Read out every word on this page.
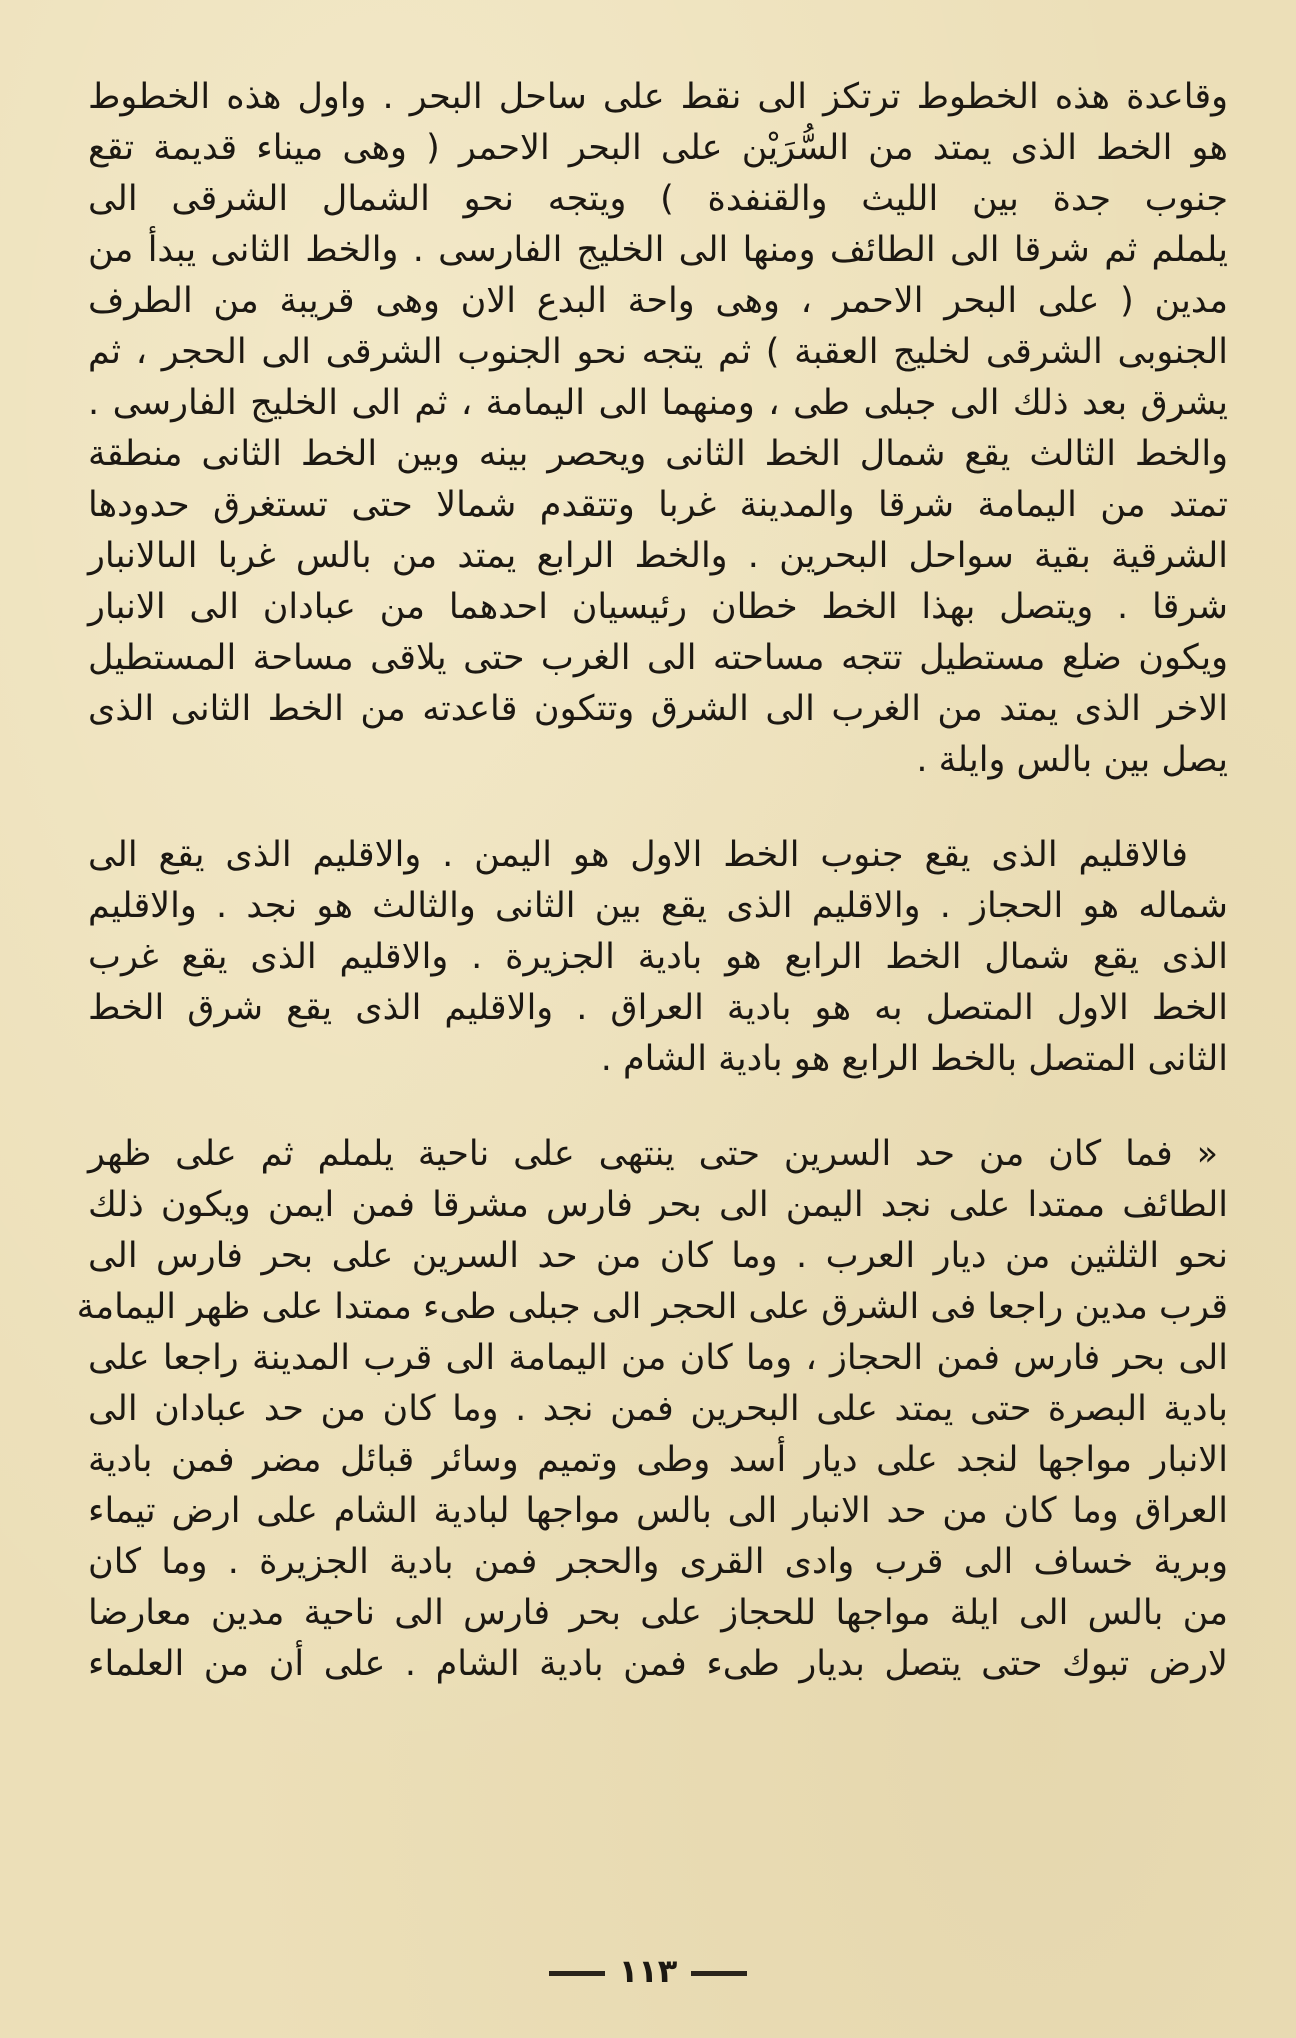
وقاعدة هذه الخطوط ترتكز الى نقط على ساحل البحر . واول هذه الخطوط
هو الخط الذى يمتد من السُّرَيْن على البحر الاحمر ( وهى ميناء قديمة تقع
جنوب جدة بين الليث والقنفدة ) ويتجه نحو الشمال الشرقى الى
يلملم ثم شرقا الى الطائف ومنها الى الخليج الفارسى . والخط الثانى يبدأ من
مدين ( على البحر الاحمر ، وهى واحة البدع الان وهى قريبة من الطرف
الجنوبى الشرقى لخليج العقبة ) ثم يتجه نحو الجنوب الشرقى الى الحجر ، ثم
يشرق بعد ذلك الى جبلى طى ، ومنهما الى اليمامة ، ثم الى الخليج الفارسى .
والخط الثالث يقع شمال الخط الثانى ويحصر بينه وبين الخط الثانى منطقة
تمتد من اليمامة شرقا والمدينة غربا وتتقدم شمالا حتى تستغرق حدودها
الشرقية بقية سواحل البحرين . والخط الرابع يمتد من بالس غربا الىالانبار
شرقا . ويتصل بهذا الخط خطان رئيسيان احدهما من عبادان الى الانبار
ويكون ضلع مستطيل تتجه مساحته الى الغرب حتى يلاقى مساحة المستطيل
الاخر الذى يمتد من الغرب الى الشرق وتتكون قاعدته من الخط الثانى الذى
يصل بين بالس وايلة .
فالاقليم الذى يقع جنوب الخط الاول هو اليمن . والاقليم الذى يقع الى
شماله هو الحجاز . والاقليم الذى يقع بين الثانى والثالث هو نجد . والاقليم
الذى يقع شمال الخط الرابع هو بادية الجزيرة . والاقليم الذى يقع غرب
الخط الاول المتصل به هو بادية العراق . والاقليم الذى يقع شرق الخط
الثانى المتصل بالخط الرابع هو بادية الشام .
« فما كان من حد السرين حتى ينتهى على ناحية يلملم ثم على ظهر
الطائف ممتدا على نجد اليمن الى بحر فارس مشرقا فمن ايمن ويكون ذلك
نحو الثلثين من ديار العرب . وما كان من حد السرين على بحر فارس الى
قرب مدين راجعا فى الشرق على الحجر الى جبلى طىء ممتدا على ظهر اليمامة
الى بحر فارس فمن الحجاز ، وما كان من اليمامة الى قرب المدينة راجعا على
بادية البصرة حتى يمتد على البحرين فمن نجد . وما كان من حد عبادان الى
الانبار مواجها لنجد على ديار أسد وطى وتميم وسائر قبائل مضر فمن بادية
العراق وما كان من حد الانبار الى بالس مواجها لبادية الشام على ارض تيماء
وبرية خساف الى قرب وادى القرى والحجر فمن بادية الجزيرة . وما كان
من بالس الى ايلة مواجها للحجاز على بحر فارس الى ناحية مدين معارضا
لارض تبوك حتى يتصل بديار طىء فمن بادية الشام . على أن من العلماء
١١٣
